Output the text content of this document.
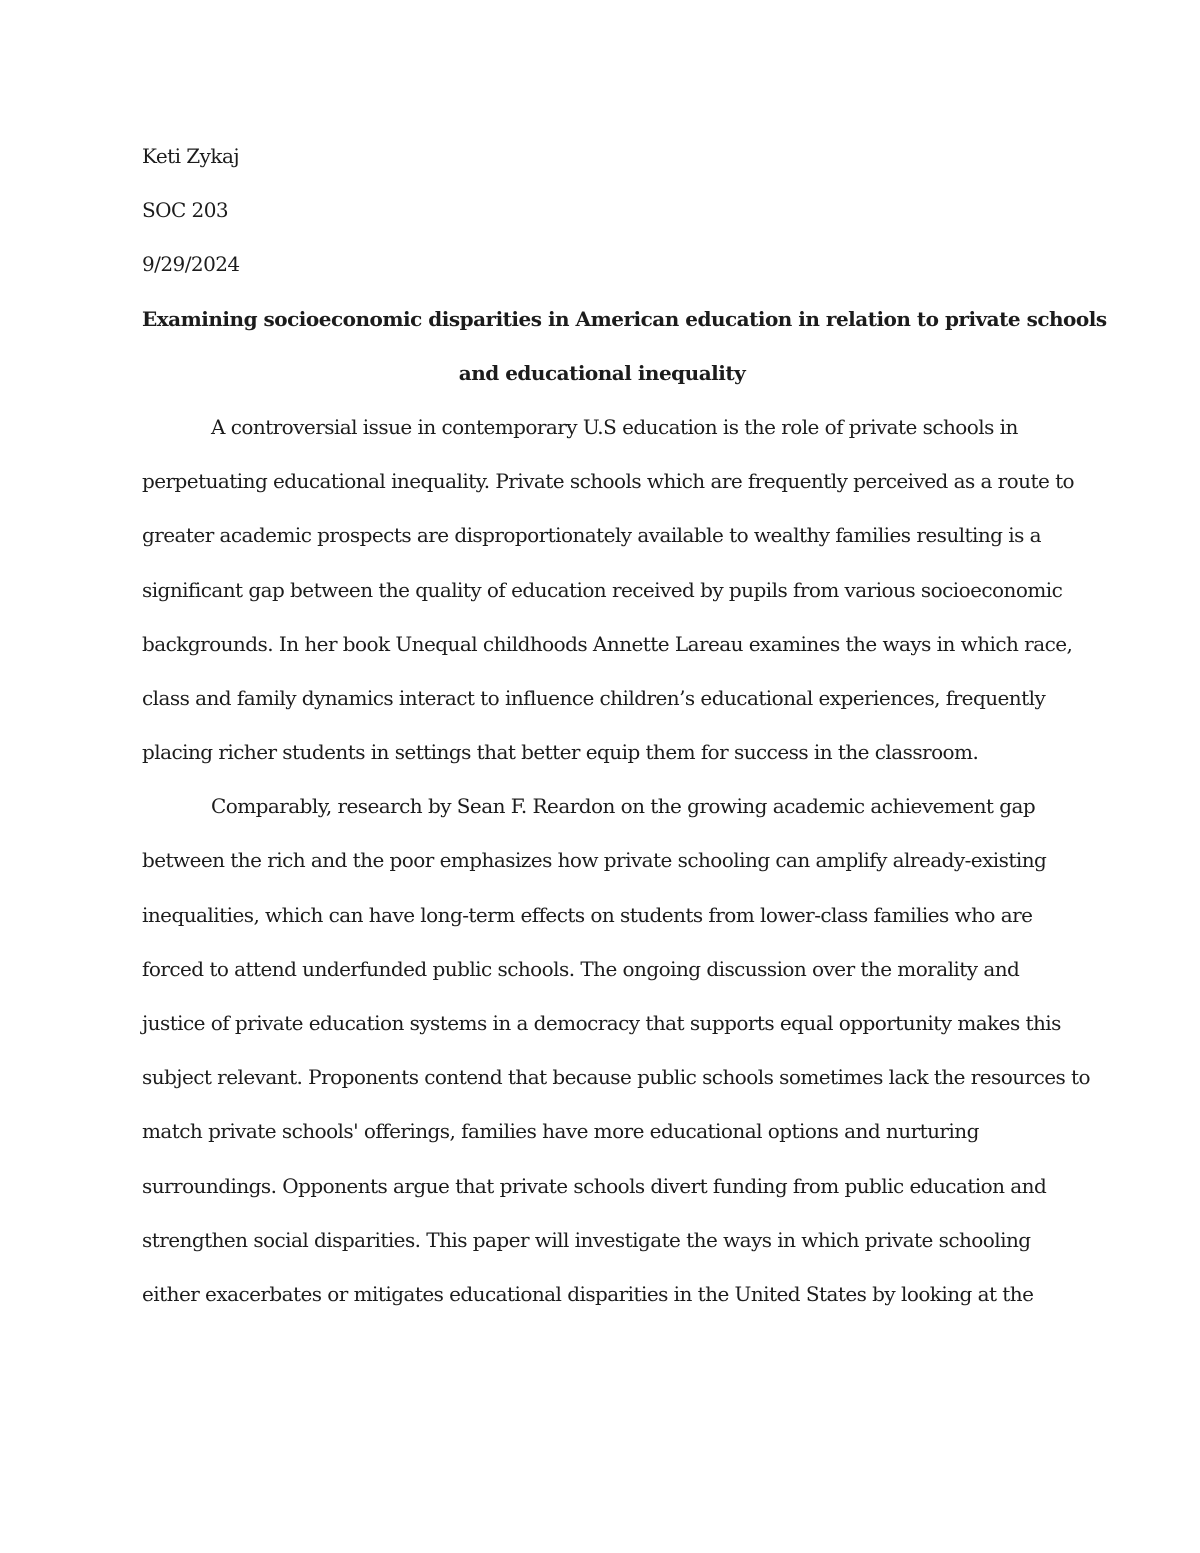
Keti Zykaj
SOC 203
9/29/2024
Examining socioeconomic disparities in American education in relation to private schools
and educational inequality
A controversial issue in contemporary U.S education is the role of private schools in
perpetuating educational inequality. Private schools which are frequently perceived as a route to
greater academic prospects are disproportionately available to wealthy families resulting is a
significant gap between the quality of education received by pupils from various socioeconomic
backgrounds. In her book Unequal childhoods Annette Lareau examines the ways in which race,
class and family dynamics interact to influence children’s educational experiences, frequently
placing richer students in settings that better equip them for success in the classroom.
Comparably, research by Sean F. Reardon on the growing academic achievement gap
between the rich and the poor emphasizes how private schooling can amplify already-existing
inequalities, which can have long-term effects on students from lower-class families who are
forced to attend underfunded public schools. The ongoing discussion over the morality and
justice of private education systems in a democracy that supports equal opportunity makes this
subject relevant. Proponents contend that because public schools sometimes lack the resources to
match private schools' offerings, families have more educational options and nurturing
surroundings. Opponents argue that private schools divert funding from public education and
strengthen social disparities. This paper will investigate the ways in which private schooling
either exacerbates or mitigates educational disparities in the United States by looking at the
